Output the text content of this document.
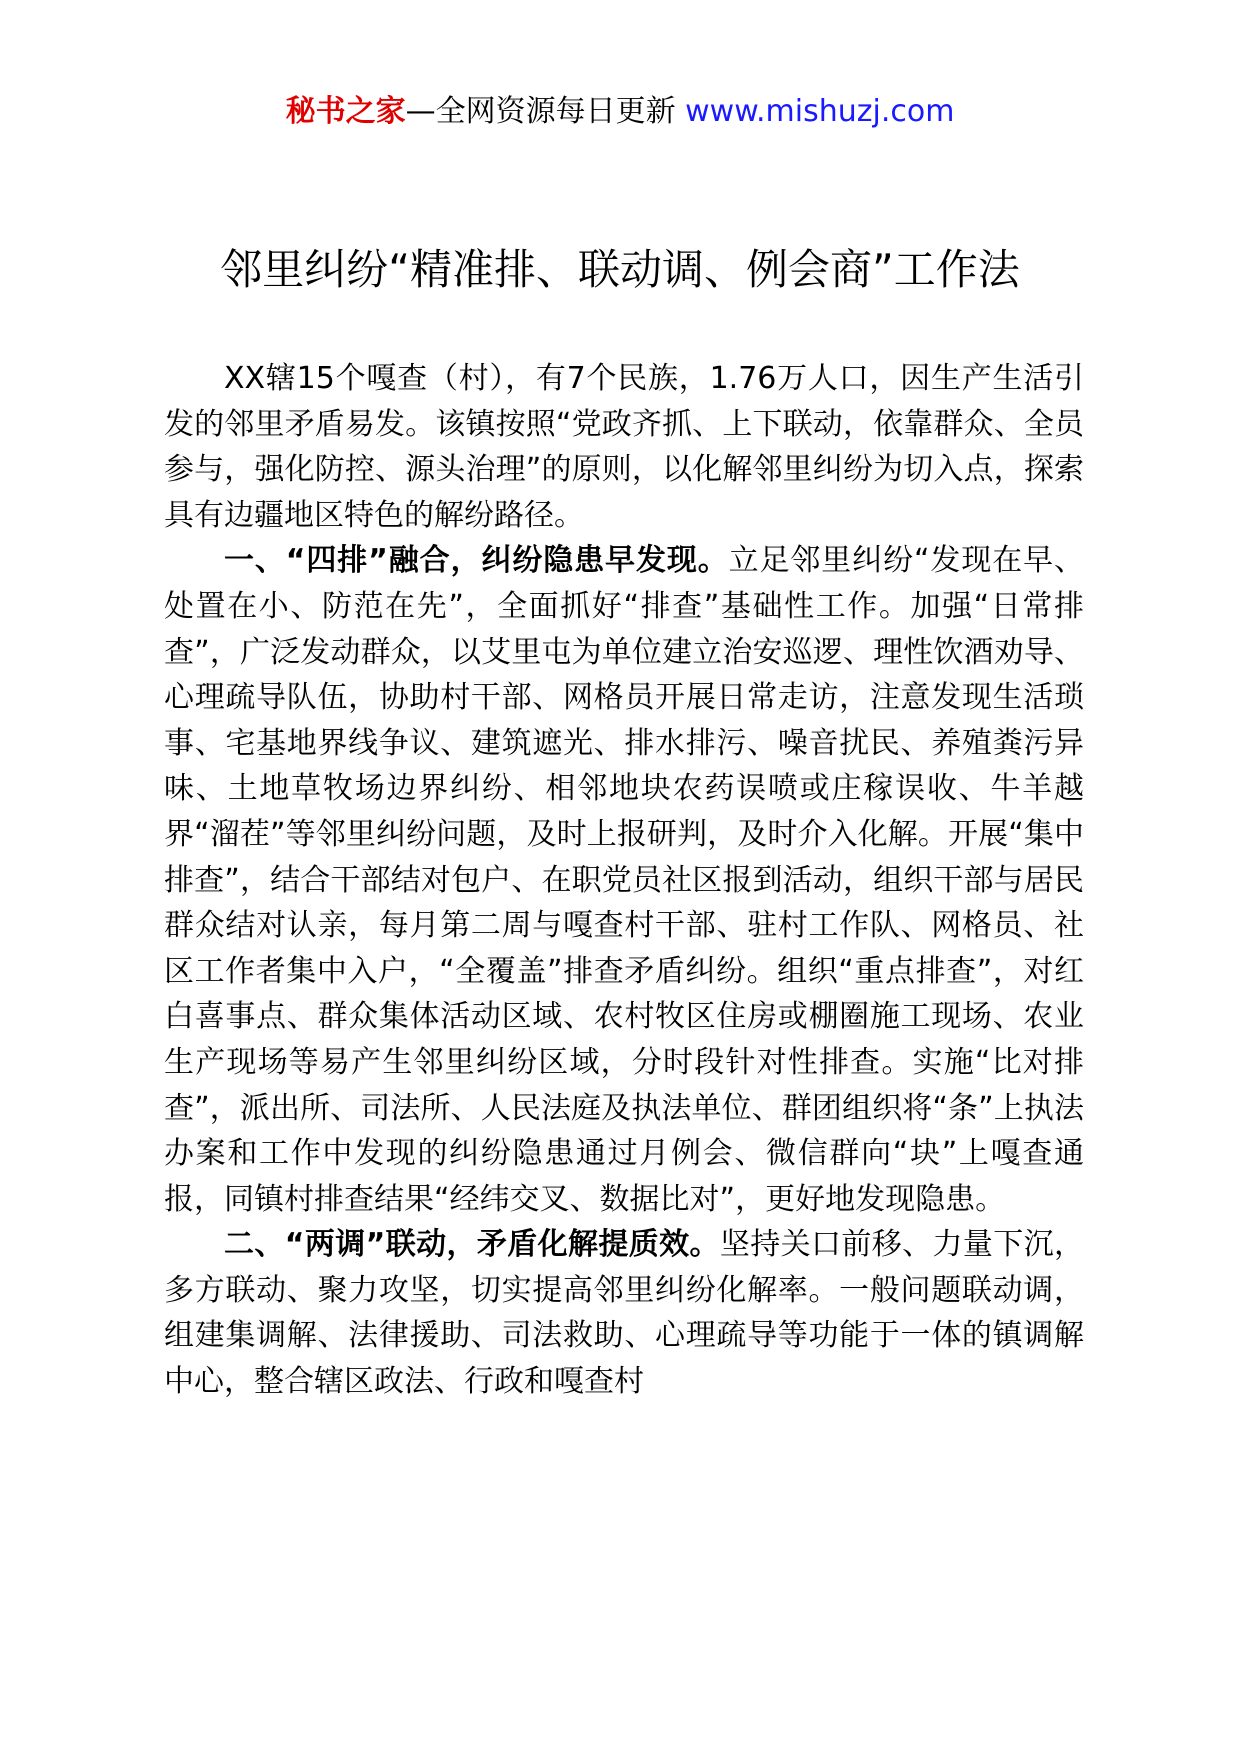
秘书之家—全网资源每日更新 www.mishuzj.com
邻里纠纷“精准排、联动调、例会商”工作法

XX辖15个嘎查（村），有7个民族，1.76万人口，因生产生活引发的邻里矛盾易发。该镇按照“党政齐抓、上下联动，依靠群众、全员参与，强化防控、源头治理”的原则，以化解邻里纠纷为切入点，探索具有边疆地区特色的解纷路径。

一、“四排”融合，纠纷隐患早发现。立足邻里纠纷“发现在早、处置在小、防范在先”，全面抓好“排查”基础性工作。加强“日常排查”，广泛发动群众，以艾里屯为单位建立治安巡逻、理性饮酒劝导、心理疏导队伍，协助村干部、网格员开展日常走访，注意发现生活琐事、宅基地界线争议、建筑遮光、排水排污、噪音扰民、养殖粪污异味、土地草牧场边界纠纷、相邻地块农药误喷或庄稼误收、牛羊越界“溜茬”等邻里纠纷问题，及时上报研判，及时介入化解。开展“集中排查”，结合干部结对包户、在职党员社区报到活动，组织干部与居民群众结对认亲，每月第二周与嘎查村干部、驻村工作队、网格员、社区工作者集中入户，“全覆盖”排查矛盾纠纷。组织“重点排查”，对红白喜事点、群众集体活动区域、农村牧区住房或棚圈施工现场、农业生产现场等易产生邻里纠纷区域，分时段针对性排查。实施“比对排查”，派出所、司法所、人民法庭及执法单位、群团组织将“条”上执法办案和工作中发现的纠纷隐患通过月例会、微信群向“块”上嘎查通报，同镇村排查结果“经纬交叉、数据比对”，更好地发现隐患。

二、“两调”联动，矛盾化解提质效。坚持关口前移、力量下沉，多方联动、聚力攻坚，切实提高邻里纠纷化解率。一般问题联动调，组建集调解、法律援助、司法救助、心理疏导等功能于一体的镇调解中心，整合辖区政法、行政和嘎查村
